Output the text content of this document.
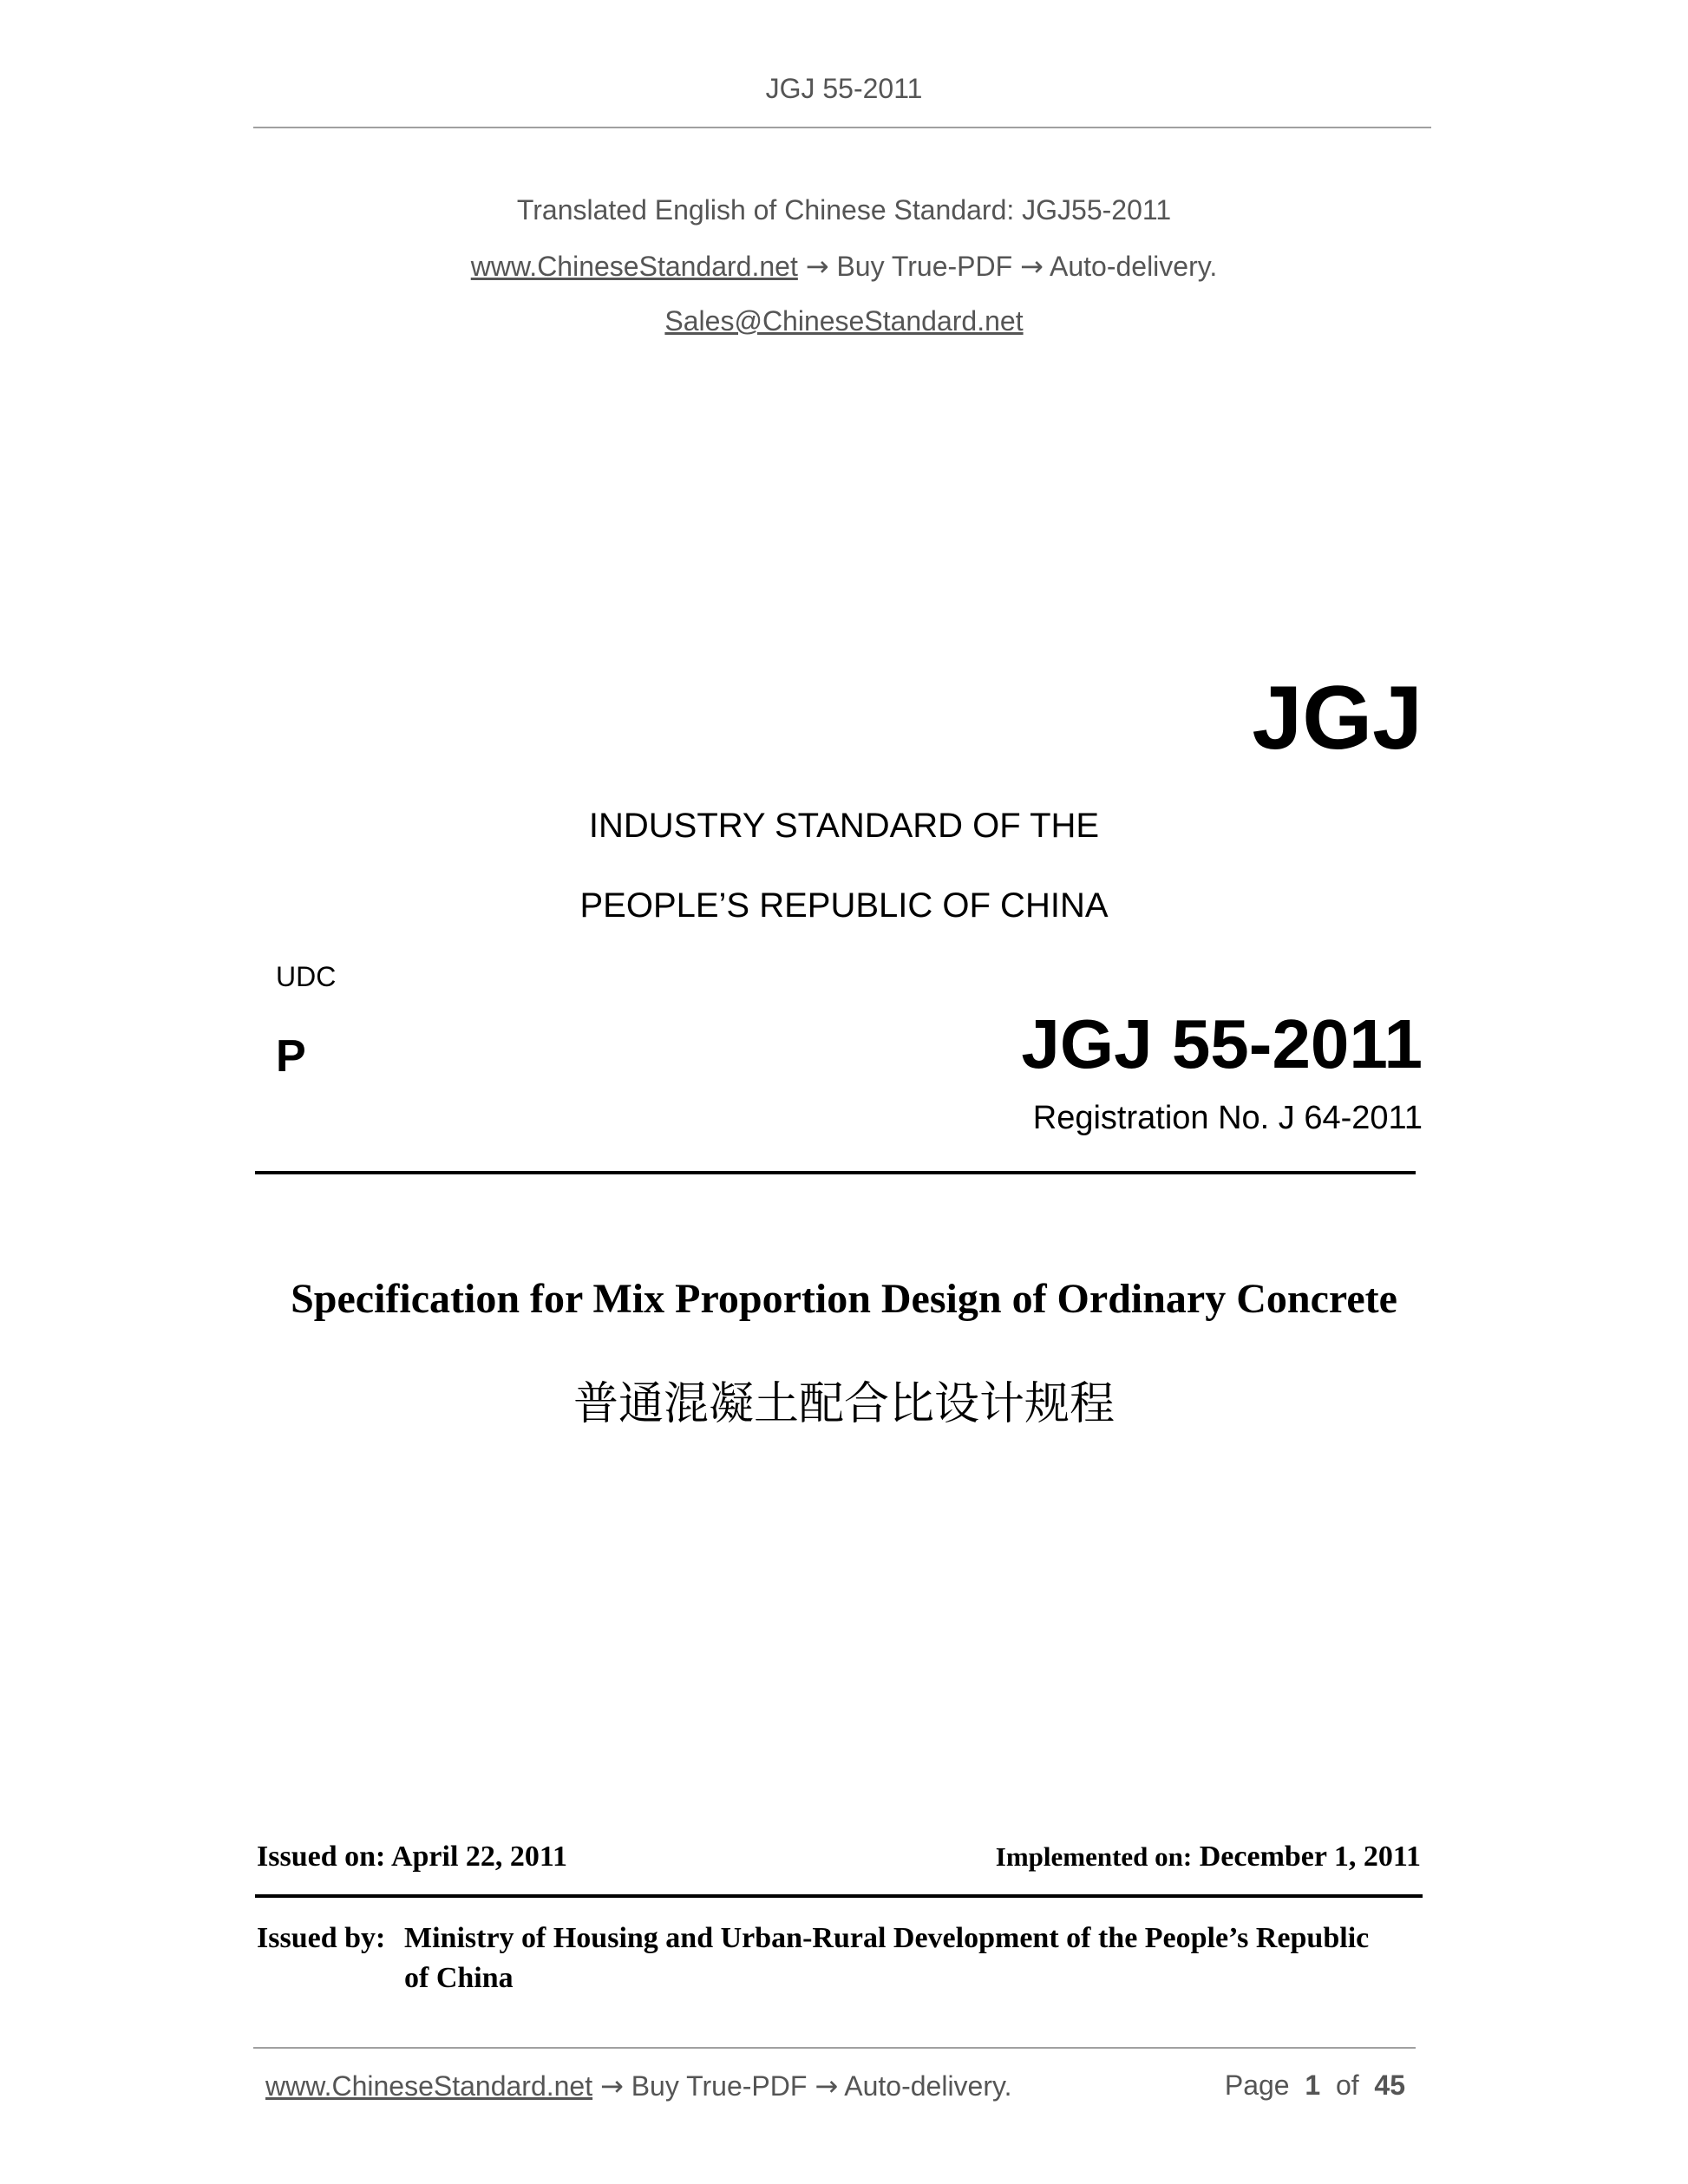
JGJ 55-2011
Translated English of Chinese Standard: JGJ55-2011
www.ChineseStandard.net → Buy True-PDF → Auto-delivery.
Sales@ChineseStandard.net
JGJ
INDUSTRY STANDARD OF THE
PEOPLE’S REPUBLIC OF CHINA
UDC
P	JGJ 55-2011
Registration No. J 64-2011
Specification for Mix Proportion Design of Ordinary Concrete
普通混凝土配合比设计规程
Issued on: April 22, 2011	Implemented on: December 1, 2011
Issued by: Ministry of Housing and Urban-Rural Development of the People’s Republic
of China
www.ChineseStandard.net → Buy True-PDF → Auto-delivery.	Page 1 of 45
